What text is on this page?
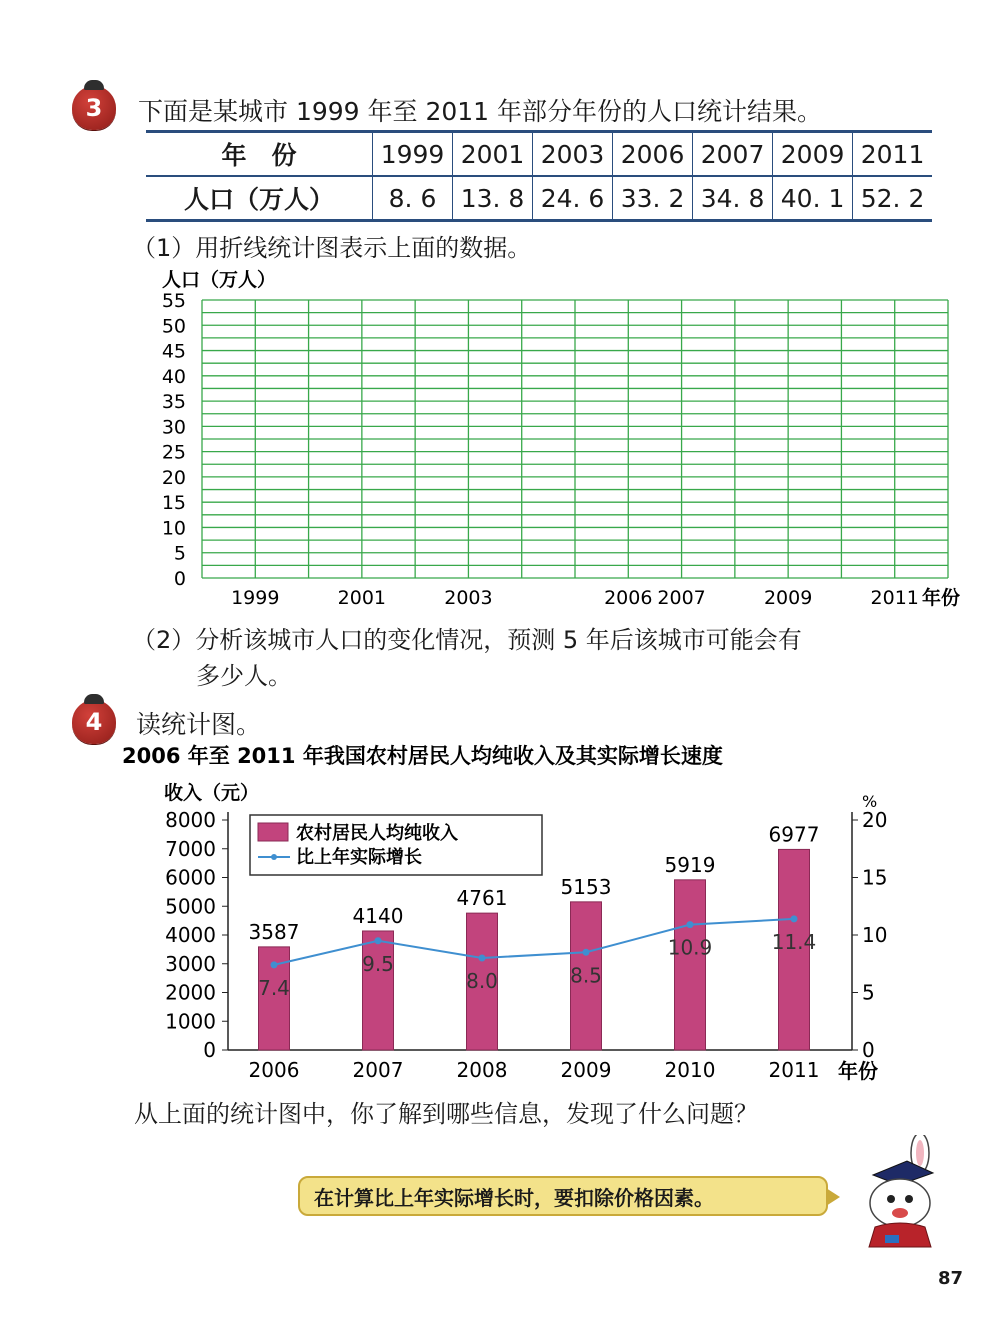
3 下面是某城市 1999 年至 2011 年部分年份的人口统计结果。
年　份	1999	2001	2003	2006	2007	2009	2011
人口（万人）	8. 6	13. 8	24. 6	33. 2	34. 8	40. 1	52. 2
（1）用折线统计图表示上面的数据。
人口（万人）
0
5
10
15
20
25
30
35
40
45
50
55
1999	2001	2003	2006 2007	2009	2011 年份
（2）分析该城市人口的变化情况，预测 5 年后该城市可能会有
多少人。
4 读统计图。
2006 年至 2011 年我国农村居民人均纯收入及其实际增长速度
收入（元）	%
3587
4140
4761	5153
5919
6977
7.4
9.5
8.0	8.5
10.9	11.4
0
1000
2000
3000
4000
5000
6000
7000
8000
0
5
10
15
20
2006	2007	2008	2009	2010	2011 年份
农村居民人均纯收入
比上年实际增长
从上面的统计图中，你了解到哪些信息，发现了什么问题？
在计算比上年实际增长时，要扣除价格因素。
87
